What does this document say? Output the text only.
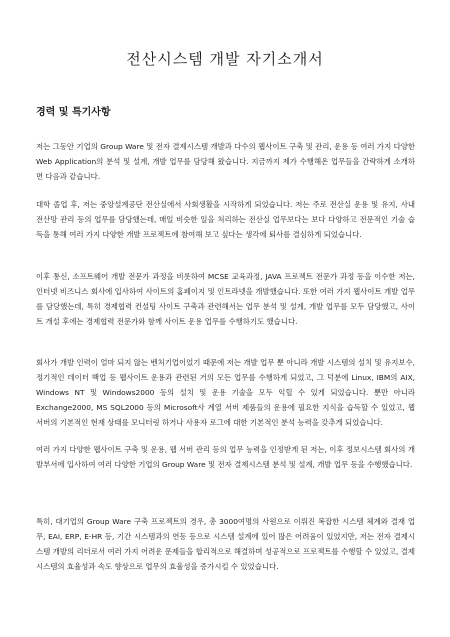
전산시스템 개발 자기소개서
경력 및 특기사항

저는 그동안 기업의 Group Ware 및 전자 결제시스템 개발과 다수의 웹사이트 구축 및 관리, 운용 등 여러 가지 다양한 Web Application의 분석 및 설계, 개발 업무를 담당해 왔습니다. 지금까지 제가 수행해온 업무들을 간략하게 소개하면 다음과 같습니다.

대학 졸업 후, 저는 중앙설계공단 전산실에서 사회생활을 시작하게 되었습니다. 저는 주로 전산실 운용 및 유지, 사내 전산망 관리 등의 업무를 담당했는데, 매일 비슷한 일을 처리하는 전산실 업무보다는 보다 다양하고 전문적인 기술 습득을 통해 여러 가지 다양한 개발 프로젝트에 참여해 보고 싶다는 생각에 퇴사를 결심하게 되었습니다.

이후 통신, 소프트웨어 개발 전문가 과정을 비롯하여 MCSE 교육과정, JAVA 프로젝트 전문가 과정 등을 이수한 저는, 인터넷 비즈니스 회사에 입사하여 사이트의 홈페이지 및 인트라넷을 개발했습니다. 또한 여러 가지 웹사이트 개발 업무를 담당했는데, 특히 경제협력 컨설팅 사이트 구축과 관련해서는 업무 분석 및 설계, 개발 업무를 모두 담당했고, 사이트 개설 후에는 경제협력 전문가와 함께 사이트 운용 업무를 수행하기도 했습니다.

회사가 개발 인력이 얼마 되지 않는 벤처기업이었기 때문에 저는 개발 업무 뿐 아니라 개발 시스템의 설치 및 유지보수, 정기적인 데이터 백업 등 웹사이트 운용과 관련된 거의 모든 업무를 수행하게 되었고, 그 덕분에 Linux, IBM의 AIX, Windows NT 및 Windows2000 등의 설치 및 운용 기술을 모두 익힐 수 있게 되었습니다. 뿐만 아니라 Exchange2000, MS SQL2000 등의 Microsoft사 계열 서버 제품들의 운용에 필요한 지식을 습득할 수 있었고, 웹 서버의 기본적인 현재 상태를 모니터링 하거나 사용자 로그에 대한 기본적인 분석 능력을 갖추게 되었습니다.

여러 가지 다양한 웹사이트 구축 및 운용, 웹 서버 관리 등의 업무 능력을 인정받게 된 저는, 이후 정보시스템 회사의 개발부서에 입사하여 여러 다양한 기업의 Group Ware 및 전자 결제시스템 분석 및 설계, 개발 업무 등을 수행했습니다.

특히, 대기업의 Group Ware 구축 프로젝트의 경우, 총 3000여명의 사원으로 이뤄진 복잡한 시스템 체계와 결재 업무, EAI, ERP, E-HR 등, 기간 시스템과의 연동 등으로 시스템 설계에 있어 많은 어려움이 있었지만, 저는 전자 결제시스템 개발의 리더로서 여러 가지 어려운 문제들을 합리적으로 해결하며 성공적으로 프로젝트를 수행할 수 있었고, 결제시스템의 효율성과 속도 향상으로 업무의 효율성을 증가시킬 수 있었습니다.
